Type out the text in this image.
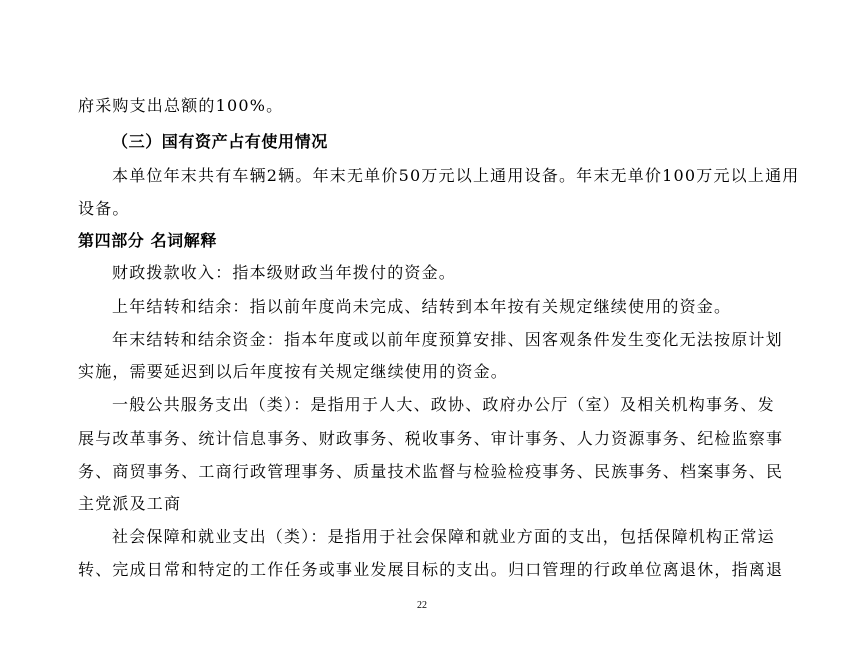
府采购支出总额的100%。
（三）国有资产占有使用情况
本单位年末共有车辆2辆。年末无单价50万元以上通用设备。年末无单价100万元以上通用
设备。
第四部分 名词解释
财政拨款收入：指本级财政当年拨付的资金。
上年结转和结余：指以前年度尚未完成、结转到本年按有关规定继续使用的资金。
年末结转和结余资金：指本年度或以前年度预算安排、因客观条件发生变化无法按原计划
实施，需要延迟到以后年度按有关规定继续使用的资金。
一般公共服务支出（类）：是指用于人大、政协、政府办公厅（室）及相关机构事务、发
展与改革事务、统计信息事务、财政事务、税收事务、审计事务、人力资源事务、纪检监察事
务、商贸事务、工商行政管理事务、质量技术监督与检验检疫事务、民族事务、档案事务、民
主党派及工商
社会保障和就业支出（类）：是指用于社会保障和就业方面的支出，包括保障机构正常运
转、完成日常和特定的工作任务或事业发展目标的支出。归口管理的行政单位离退休，指离退
22
